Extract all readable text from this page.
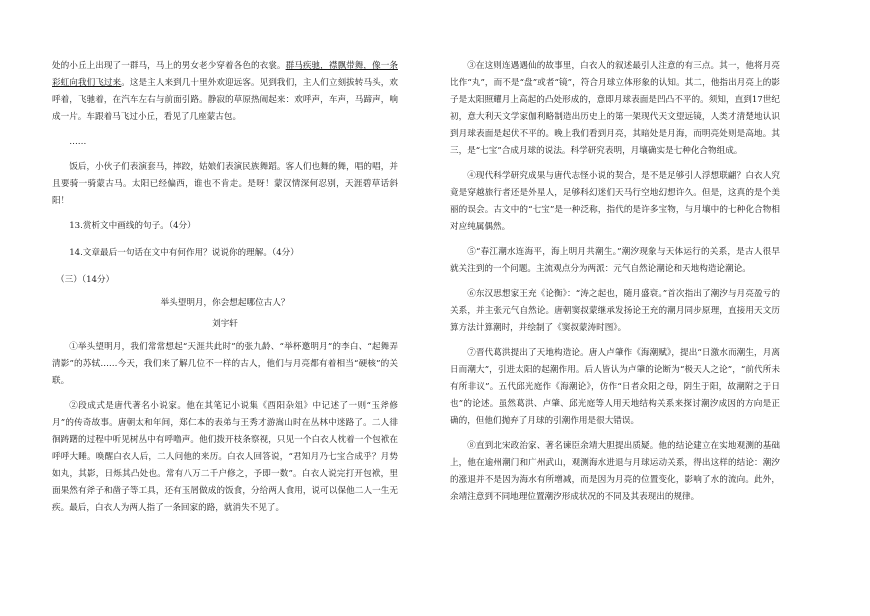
处的小丘上出现了一群马，马上的男女老少穿着各色的衣裳。群马疾驰，襟飘带舞，像一条彩虹向我们飞过来。这是主人来到几十里外欢迎远客。见到我们，主人们立刻拔转马头，欢呼着，飞驰着，在汽车左右与前面引路。静寂的草原热闹起来：欢呼声，车声，马蹄声，响成一片。车跟着马飞过小丘，看见了几座蒙古包。

……

饭后，小伙子们表演套马，摔跤，姑娘们表演民族舞蹈。客人们也舞的舞，唱的唱，并且要骑一骑蒙古马。太阳已经偏西，谁也不肯走。是呀！蒙汉情深何忍别，天涯碧草话斜阳！

13.赏析文中画线的句子。（4分）

14.文章最后一句话在文中有何作用？说说你的理解。（4分）

（三）（14分）

举头望明月，你会想起哪位古人？

刘宇轩

①举头望明月，我们常常想起“天涯共此时”的张九龄、“举杯邀明月”的李白、“起舞弄清影”的苏轼……今天，我们来了解几位不一样的古人，他们与月亮都有着相当“硬核”的关联。

②段成式是唐代著名小说家。他在其笔记小说集《酉阳杂俎》中记述了一则“玉斧修月”的传奇故事。唐朝太和年间，郑仁本的表弟与王秀才游嵩山时在丛林中迷路了。二人徘徊踌躇的过程中听见树丛中有呼噜声。他们拨开枝条察视，只见一个白衣人枕着一个包袱在呼呼大睡。唤醒白衣人后，二人问他的来历。白衣人回答说，“君知月乃七宝合成乎？月势如丸，其影，日烁其凸处也。常有八万二千户修之，予即一数”。白衣人说完打开包袱，里面果然有斧子和凿子等工具，还有玉屑做成的饭食，分给两人食用，说可以保他二人一生无疾。最后，白衣人为两人指了一条回家的路，就消失不见了。

③在这则连遇遇仙的故事里，白衣人的叙述最引人注意的有三点。其一，他将月亮比作“丸”，而不是“盘”或者“镜”，符合月球立体形象的认知。其二，他指出月亮上的影子是太阳照耀月上高起的凸处形成的，意即月球表面是凹凸不平的。须知，直到17世纪初，意大利天文学家伽利略制造出历史上的第一架现代天文望远镜，人类才清楚地认识到月球表面是起伏不平的。晚上我们看到月亮，其暗处是月海，而明亮处则是高地。其三，是“七宝”合成月球的说法。科学研究表明，月壤确实是七种化合物组成。

④现代科学研究成果与唐代志怪小说的契合，是不是足够引人浮想联翩？白衣人究竟是穿越旅行者还是外星人，足够科幻迷们天马行空地幻想许久。但是，这真的是个美丽的误会。古文中的“七宝”是一种泛称，指代的是许多宝物，与月壤中的七种化合物相对应纯属偶然。

⑤“春江潮水连海平，海上明月共潮生。”潮汐现象与天体运行的关系，是古人很早就关注到的一个问题。主流观点分为两派：元气自然论潮论和天地构造论潮论。

⑥东汉思想家王充《论衡》：“涛之起也，随月盛衰。”首次指出了潮汐与月亮盈亏的关系，并主张元气自然论。唐朝窦叔蒙继承发扬论王充的潮月同步原理，直接用天文历算方法计算潮时，并绘制了《窦叔蒙涛时图》。

⑦晋代葛洪提出了天地构造论。唐人卢肇作《海潮赋》，提出“日激水而潮生，月离日而潮大”，引进太阳的起潮作用。后人皆认为卢肇的论断为“极天人之论”，“前代所未有所非议”。五代邱光庭作《海潮论》，仿作“日者众阳之母，阴生于阳，故潮附之于日也”的论述。虽然葛洪、卢肇、邱光庭等人用天地结构关系来探讨潮汐成因的方向是正确的，但他们抛弃了月球的引潮作用是很大错误。

⑧直到北宋政治家、著名谏臣余靖大胆提出质疑。他的结论建立在实地观测的基础上，他在逾州潮门和广州武山，观测海水进退与月球运动关系，得出这样的结论：潮汐的涨退并不是因为海水有所增减，而是因为月亮的位置变化，影响了水的流向。此外，余靖注意到不同地理位置潮汐形成状况的不同及其表现出的规律。
